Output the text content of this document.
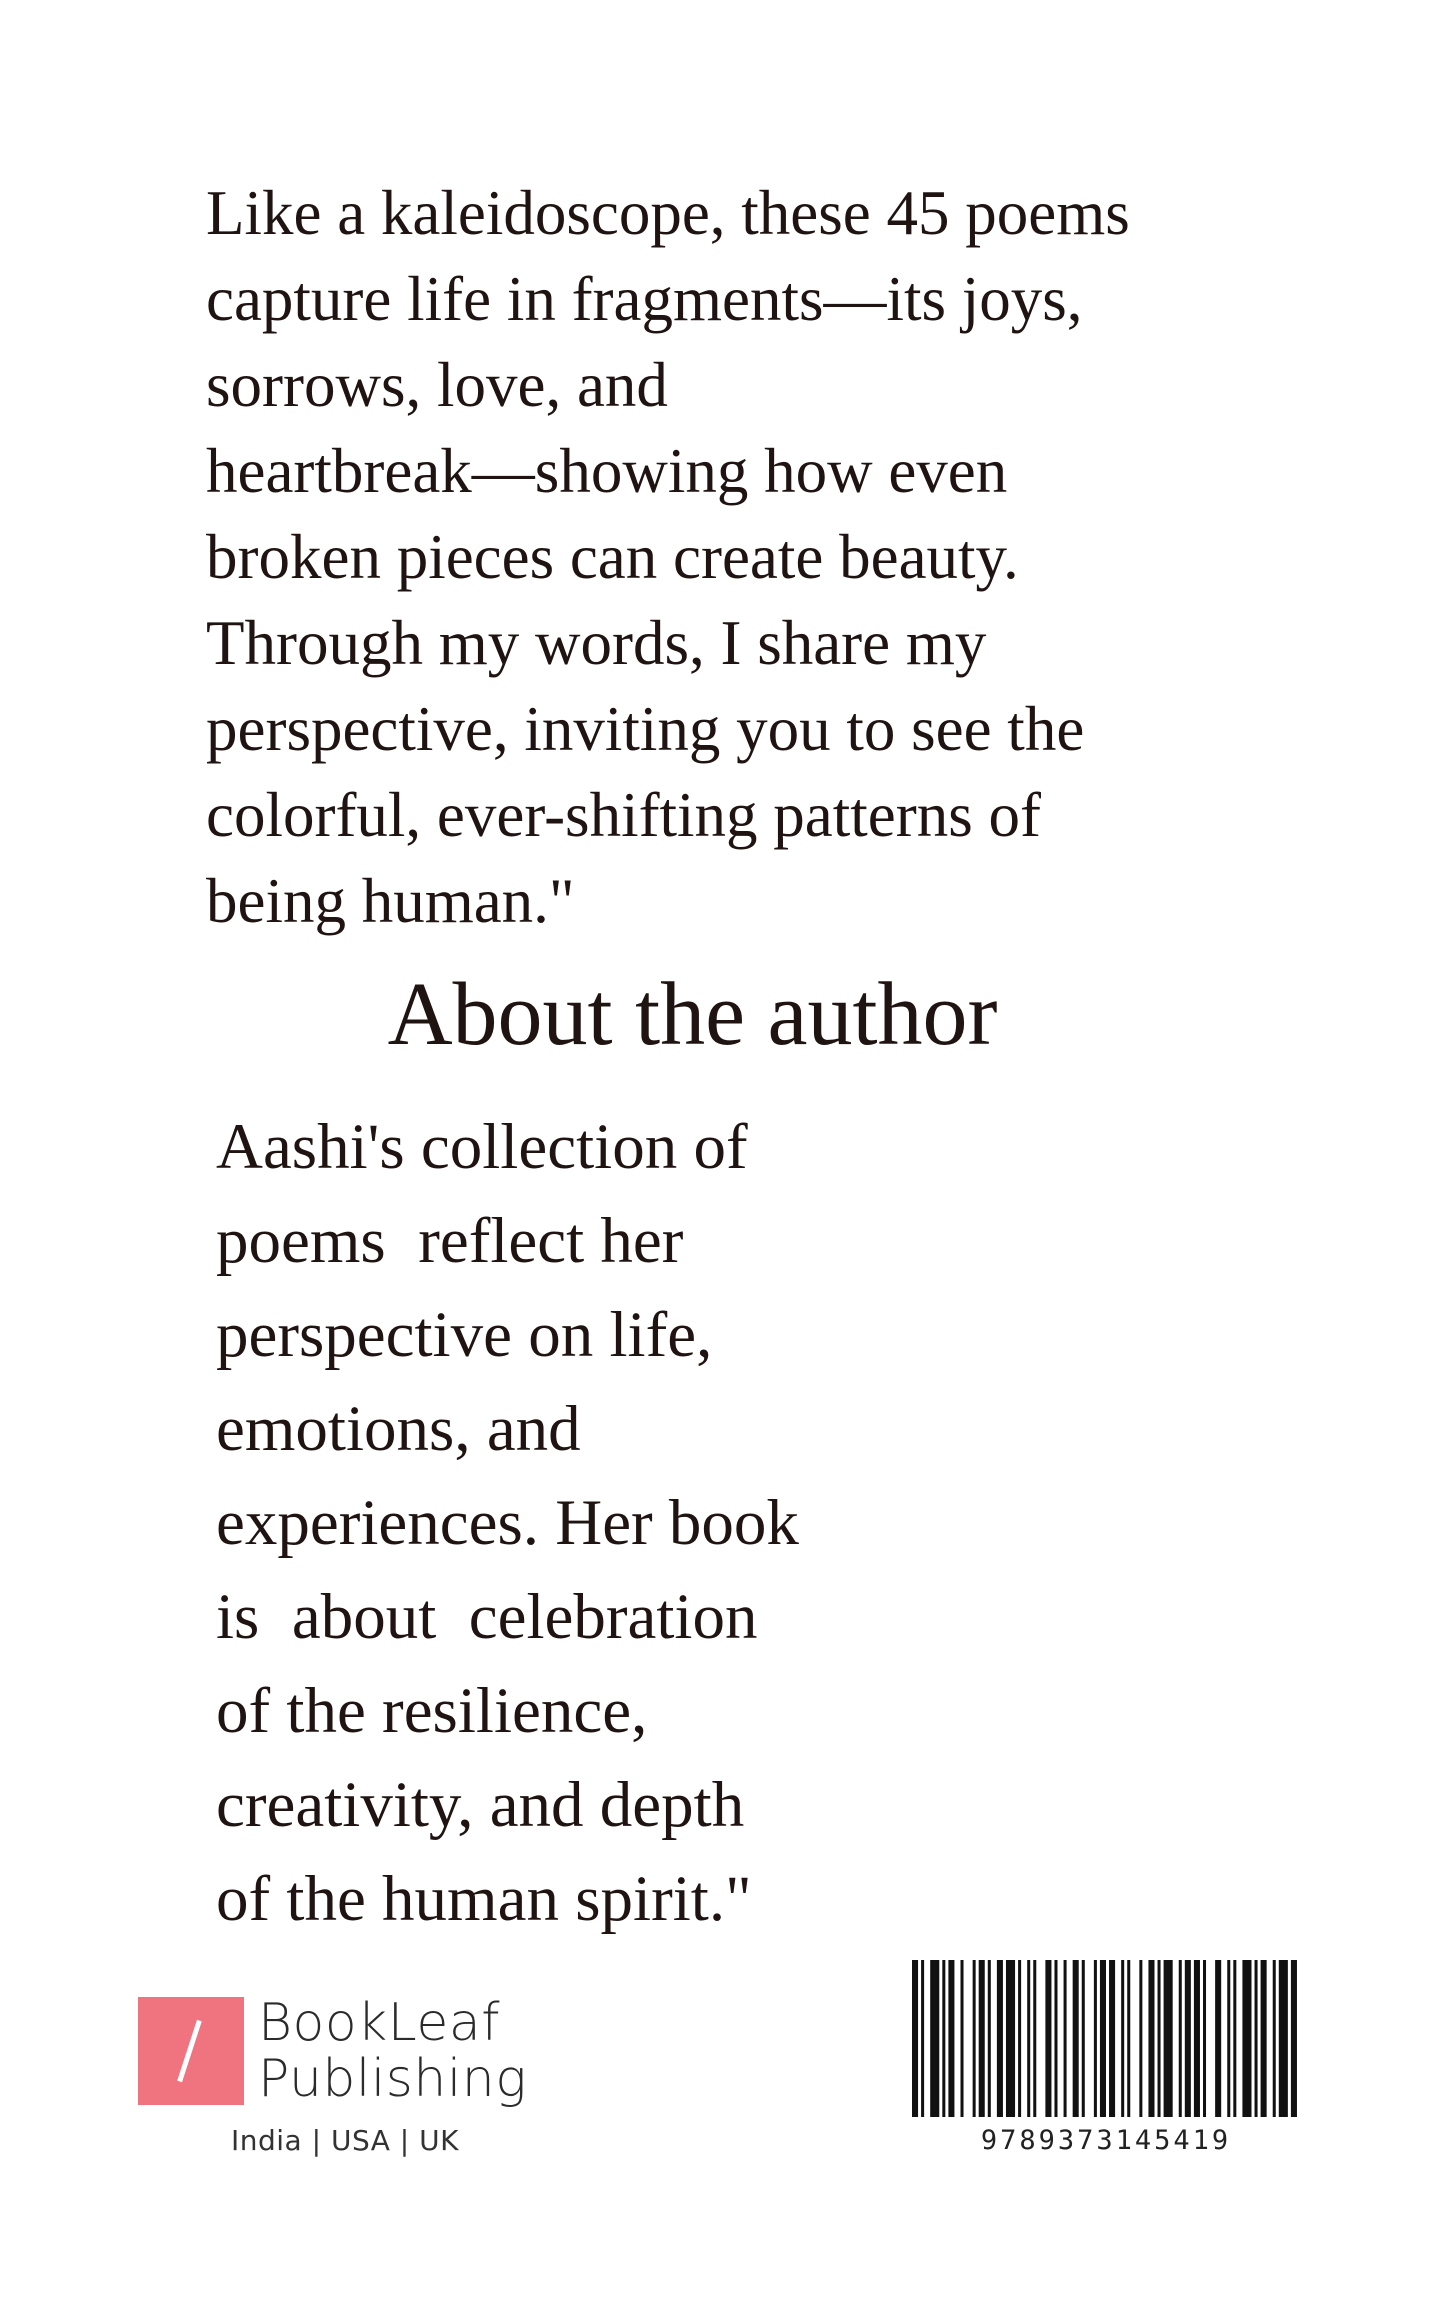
Like a kaleidoscope, these 45 poems
capture life in fragments—its joys,
sorrows, love, and
heartbreak—showing how even
broken pieces can create beauty.
Through my words, I share my
perspective, inviting you to see the
colorful, ever-shifting patterns of
being human."
About the author
Aashi's collection of
poems  reflect her
perspective on life,
emotions, and
experiences. Her book
is  about  celebration
of the resilience,
creativity, and depth
of the human spirit."
BookLeaf
Publishing
India | USA | UK	9789373145419
